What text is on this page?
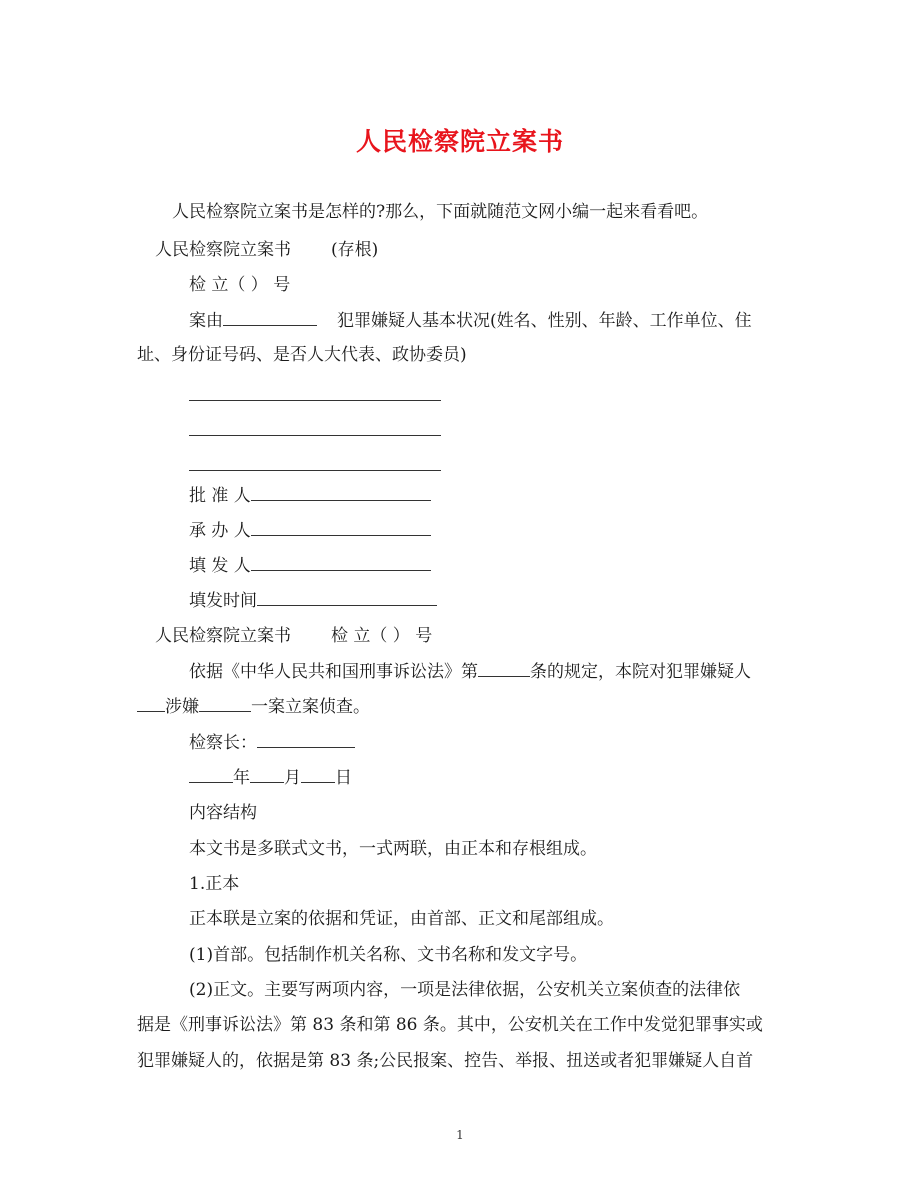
人民检察院立案书
人民检察院立案书是怎样的?那么，下面就随范文网小编一起来看看吧。
人民检察院立案书 (存根)
检 立（ ） 号
案由	犯罪嫌疑人基本状况(姓名、性别、年龄、工作单位、住
址、身份证号码、是否人大代表、政协委员)
批 准 人
承 办 人
填 发 人
填发时间
人民检察院立案书 检 立（ ） 号
依据《中华人民共和国刑事诉讼法》第	条的规定，本院对犯罪嫌疑人
涉嫌	一案立案侦查。
检察长：
年 月 日
内容结构
本文书是多联式文书，一式两联，由正本和存根组成。
1.正本
正本联是立案的依据和凭证，由首部、正文和尾部组成。
(1)首部。包括制作机关名称、文书名称和发文字号。
(2)正文。主要写两项内容，一项是法律依据，公安机关立案侦查的法律依
据是《刑事诉讼法》第 83 条和第 86 条。其中，公安机关在工作中发觉犯罪事实或
犯罪嫌疑人的，依据是第 83 条;公民报案、控告、举报、扭送或者犯罪嫌疑人自首
1
